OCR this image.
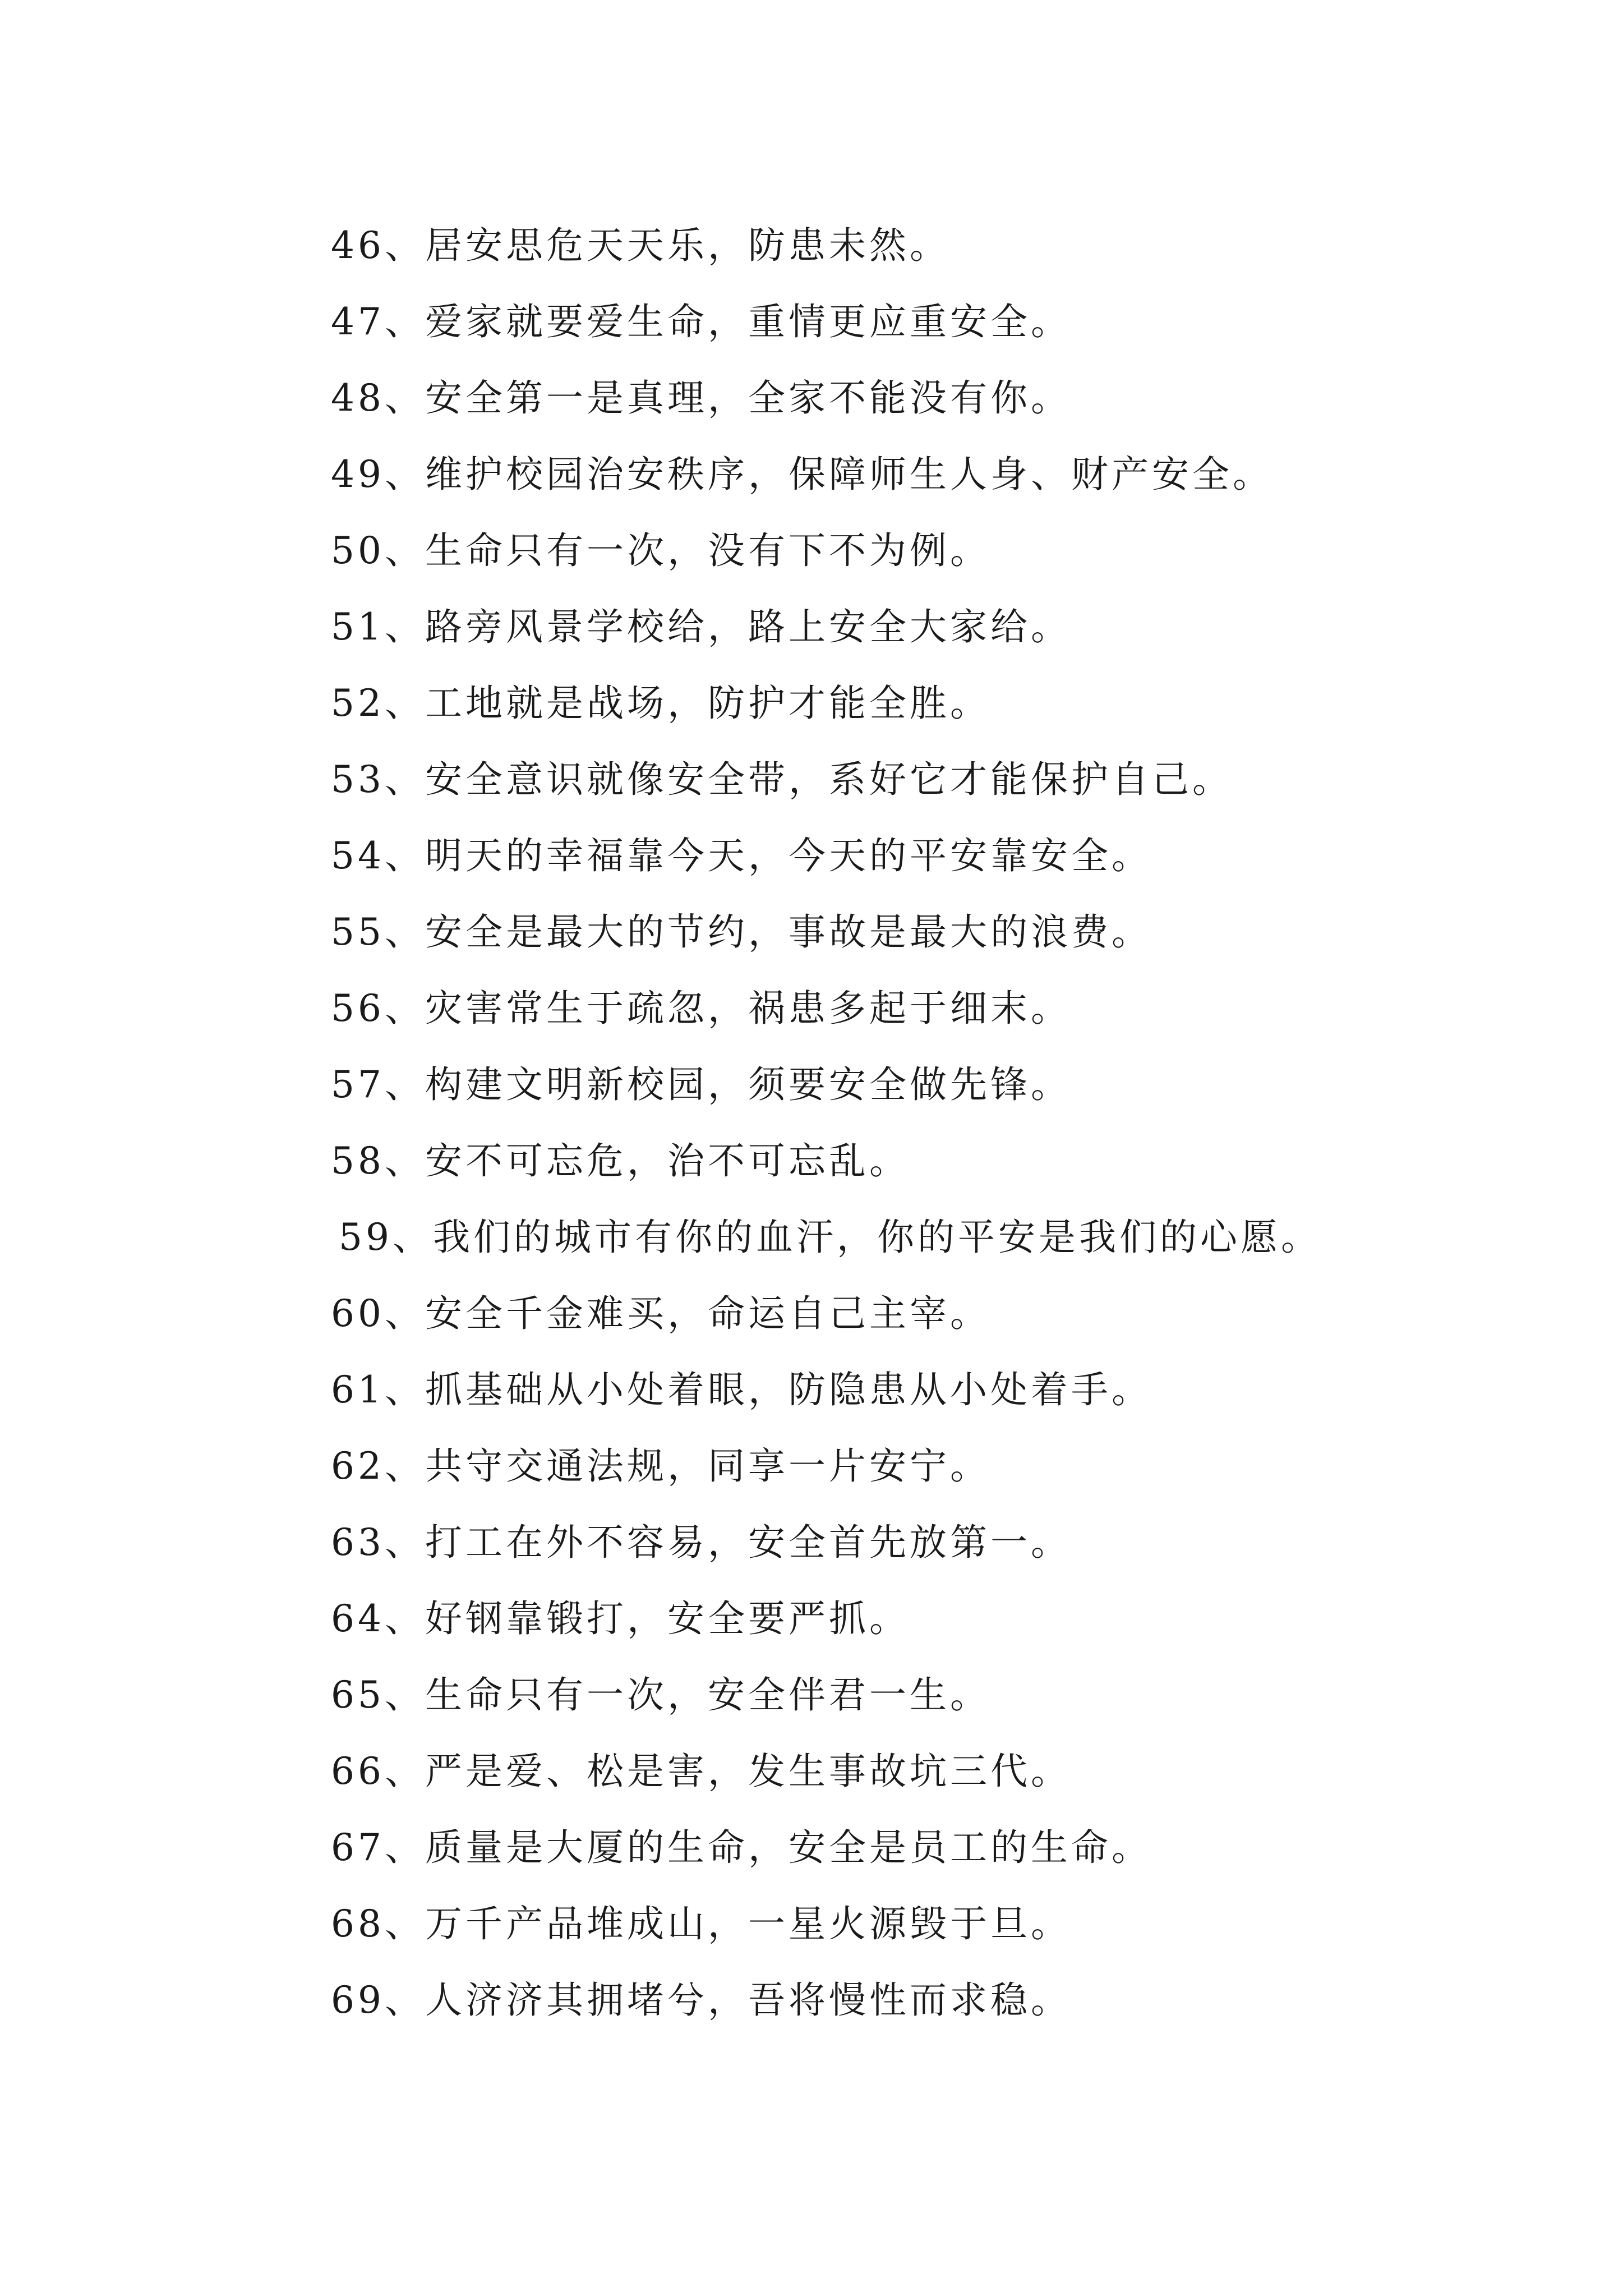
46、居安思危天天乐，防患未然。
47、爱家就要爱生命，重情更应重安全。
48、安全第一是真理，全家不能没有你。
49、维护校园治安秩序，保障师生人身、财产安全。
50、生命只有一次，没有下不为例。
51、路旁风景学校给，路上安全大家给。
52、工地就是战场，防护才能全胜。
53、安全意识就像安全带，系好它才能保护自己。
54、明天的幸福靠今天，今天的平安靠安全。
55、安全是最大的节约，事故是最大的浪费。
56、灾害常生于疏忽，祸患多起于细末。
57、构建文明新校园，须要安全做先锋。
58、安不可忘危，治不可忘乱。
59、我们的城市有你的血汗，你的平安是我们的心愿。
60、安全千金难买，命运自己主宰。
61、抓基础从小处着眼，防隐患从小处着手。
62、共守交通法规，同享一片安宁。
63、打工在外不容易，安全首先放第一。
64、好钢靠锻打，安全要严抓。
65、生命只有一次，安全伴君一生。
66、严是爱、松是害，发生事故坑三代。
67、质量是大厦的生命，安全是员工的生命。
68、万千产品堆成山，一星火源毁于旦。
69、人济济其拥堵兮，吾将慢性而求稳。
